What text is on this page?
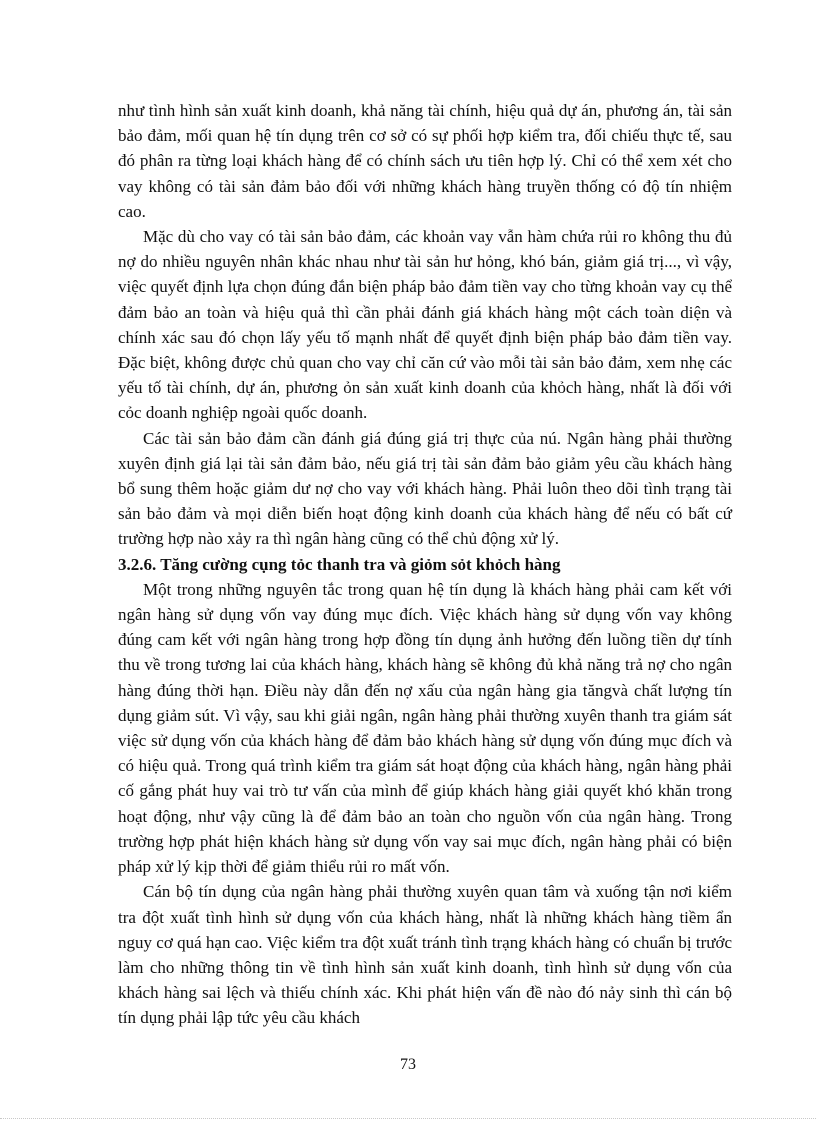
như tình hình sản xuất kinh doanh, khả năng tài chính, hiệu quả dự án, phương án, tài sản bảo đảm, mối quan hệ tín dụng trên cơ sở có sự phối hợp kiểm tra, đối chiếu thực tế, sau đó phân ra từng loại khách hàng để có chính sách ưu tiên hợp lý. Chỉ có thể xem xét cho vay không có tài sản đảm bảo đối với những khách hàng truyền thống có độ tín nhiệm cao.

Mặc dù cho vay có tài sản bảo đảm, các khoản vay vẫn hàm chứa rủi ro không thu đủ nợ do nhiều nguyên nhân khác nhau như tài sản hư hỏng, khó bán, giảm giá trị..., vì vậy, việc quyết định lựa chọn đúng đắn biện pháp bảo đảm tiền vay cho từng khoản vay cụ thể đảm bảo an toàn và hiệu quả thì cần phải đánh giá khách hàng một cách toàn diện và chính xác sau đó chọn lấy yếu tố mạnh nhất để quyết định biện pháp bảo đảm tiền vay. Đặc biệt, không được chủ quan cho vay chỉ căn cứ vào mỗi tài sản bảo đảm, xem nhẹ các yếu tố tài chính, dự án, phương ỏn sản xuất kinh doanh của khỏch hàng, nhất là đối với cỏc doanh nghiệp ngoài quốc doanh.

Các tài sản bảo đảm cần đánh giá đúng giá trị thực của nú. Ngân hàng phải thường xuyên định giá lại tài sản đảm bảo, nếu giá trị tài sản đảm bảo giảm yêu cầu khách hàng bổ sung thêm hoặc giảm dư nợ cho vay với khách hàng. Phải luôn theo dõi tình trạng tài sản bảo đảm và mọi diễn biến hoạt động kinh doanh của khách hàng để nếu có bất cứ trường hợp nào xảy ra thì ngân hàng cũng có thể chủ động xử lý.

3.2.6. Tăng cường cụng tỏc thanh tra và giỏm sỏt khỏch hàng

Một trong những nguyên tắc trong quan hệ tín dụng là khách hàng phải cam kết với ngân hàng sử dụng vốn vay đúng mục đích. Việc khách hàng sử dụng vốn vay không đúng cam kết với ngân hàng trong hợp đồng tín dụng ảnh hưởng đến luồng tiền dự tính thu về trong tương lai của khách hàng, khách hàng sẽ không đủ khả năng trả nợ cho ngân hàng đúng thời hạn. Điều này dẫn đến nợ xấu của ngân hàng gia tăngvà chất lượng tín dụng giảm sút. Vì vậy, sau khi giải ngân, ngân hàng phải thường xuyên thanh tra giám sát việc sử dụng vốn của khách hàng để đảm bảo khách hàng sử dụng vốn đúng mục đích và có hiệu quả. Trong quá trình kiểm tra giám sát hoạt động của khách hàng, ngân hàng phải cố gắng phát huy vai trò tư vấn của mình để giúp khách hàng giải quyết khó khăn trong hoạt động, như vậy cũng là để đảm bảo an toàn cho nguồn vốn của ngân hàng. Trong trường hợp phát hiện khách hàng sử dụng vốn vay sai mục đích, ngân hàng phải có biện pháp xử lý kịp thời để giảm thiểu rủi ro mất vốn.

Cán bộ tín dụng của ngân hàng phải thường xuyên quan tâm và xuống tận nơi kiểm tra đột xuất tình hình sử dụng vốn của khách hàng, nhất là những khách hàng tiềm ẩn nguy cơ quá hạn cao. Việc kiểm tra đột xuất tránh tình trạng khách hàng có chuẩn bị trước làm cho những thông tin về tình hình sản xuất kinh doanh, tình hình sử dụng vốn của khách hàng sai lệch và thiếu chính xác. Khi phát hiện vấn đề nào đó nảy sinh thì cán bộ tín dụng phải lập tức yêu cầu khách

73
